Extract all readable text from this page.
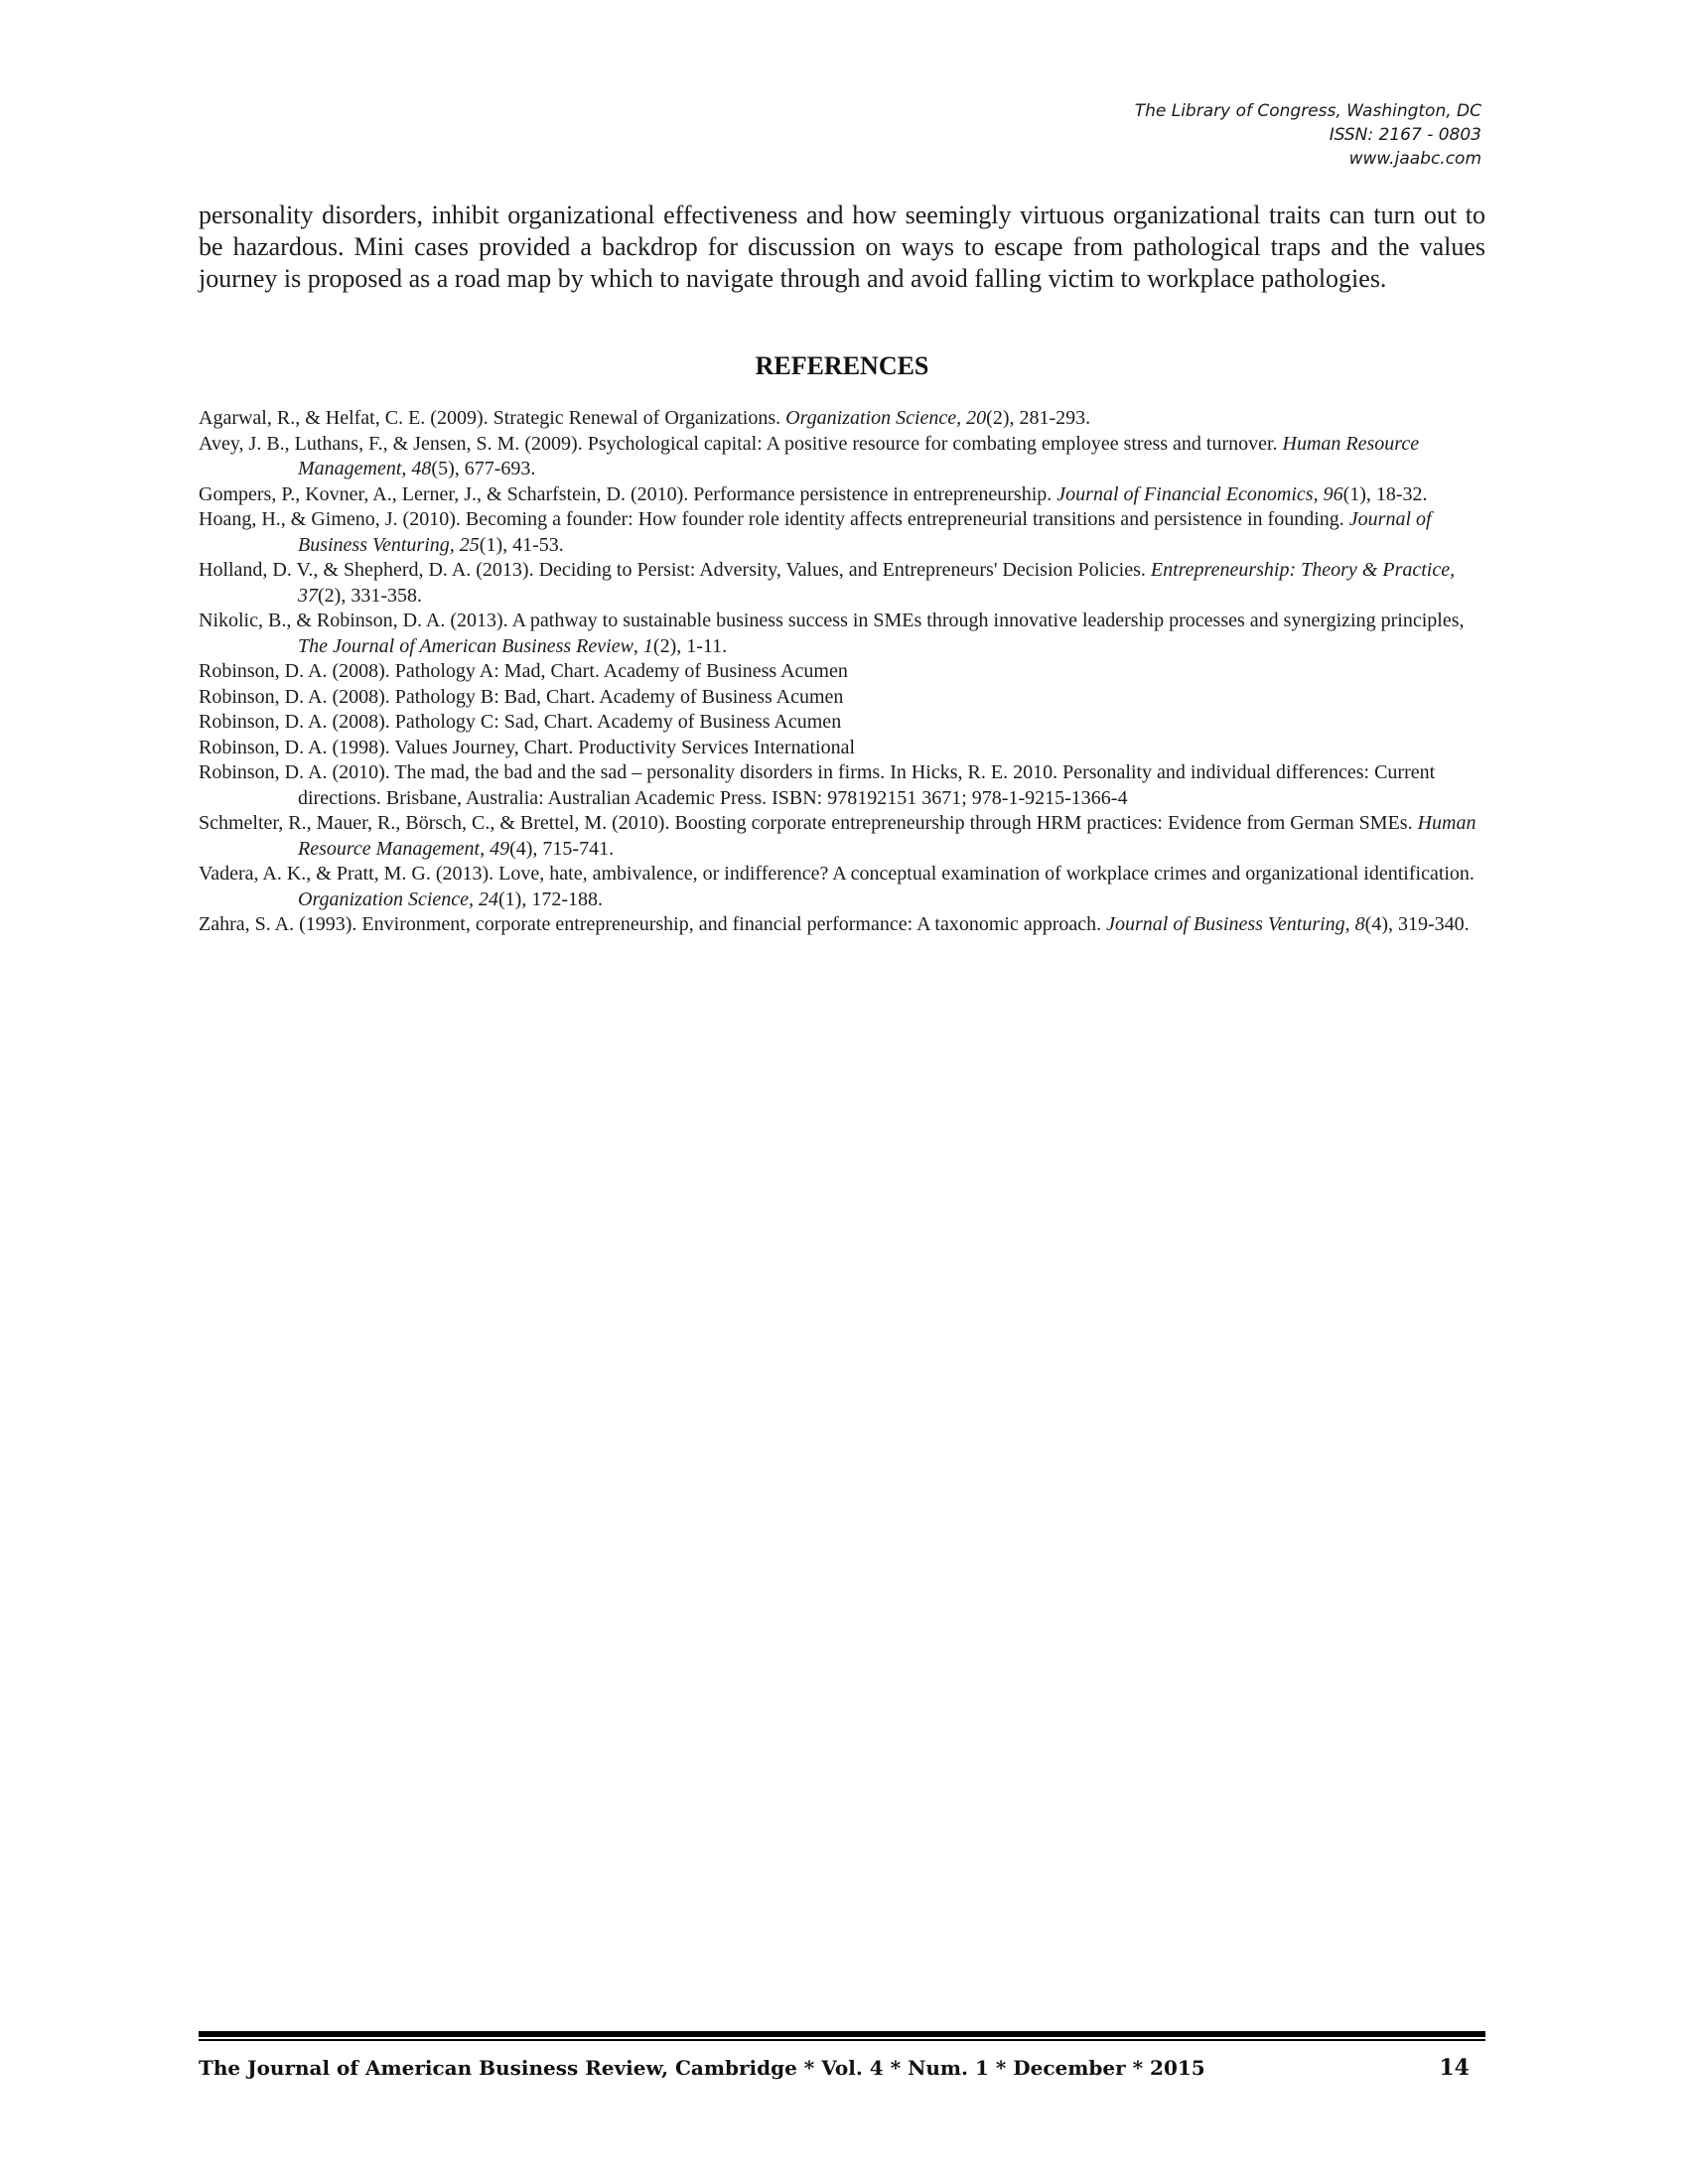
The Library of Congress, Washington, DC
ISSN: 2167 - 0803
www.jaabc.com

personality disorders, inhibit organizational effectiveness and how seemingly virtuous organizational traits can turn out to be hazardous. Mini cases provided a backdrop for discussion on ways to escape from pathological traps and the values journey is proposed as a road map by which to navigate through and avoid falling victim to workplace pathologies.

REFERENCES
Agarwal, R., & Helfat, C. E. (2009). Strategic Renewal of Organizations. Organization Science, 20(2), 281-293.
Avey, J. B., Luthans, F., & Jensen, S. M. (2009). Psychological capital: A positive resource for combating employee stress and turnover. Human Resource Management, 48(5), 677-693.
Gompers, P., Kovner, A., Lerner, J., & Scharfstein, D. (2010). Performance persistence in entrepreneurship. Journal of Financial Economics, 96(1), 18-32.
Hoang, H., & Gimeno, J. (2010). Becoming a founder: How founder role identity affects entrepreneurial transitions and persistence in founding. Journal of Business Venturing, 25(1), 41-53.
Holland, D. V., & Shepherd, D. A. (2013). Deciding to Persist: Adversity, Values, and Entrepreneurs' Decision Policies. Entrepreneurship: Theory & Practice, 37(2), 331-358.
Nikolic, B., & Robinson, D. A. (2013). A pathway to sustainable business success in SMEs through innovative leadership processes and synergizing principles, The Journal of American Business Review, 1(2), 1-11.
Robinson, D. A. (2008). Pathology A: Mad, Chart. Academy of Business Acumen
Robinson, D. A. (2008). Pathology B: Bad, Chart. Academy of Business Acumen
Robinson, D. A. (2008). Pathology C: Sad, Chart. Academy of Business Acumen
Robinson, D. A. (1998). Values Journey, Chart. Productivity Services International
Robinson, D. A. (2010). The mad, the bad and the sad – personality disorders in firms. In Hicks, R. E. 2010. Personality and individual differences: Current directions. Brisbane, Australia: Australian Academic Press. ISBN: 978192151 3671; 978-1-9215-1366-4
Schmelter, R., Mauer, R., Börsch, C., & Brettel, M. (2010). Boosting corporate entrepreneurship through HRM practices: Evidence from German SMEs. Human Resource Management, 49(4), 715-741.
Vadera, A. K., & Pratt, M. G. (2013). Love, hate, ambivalence, or indifference? A conceptual examination of workplace crimes and organizational identification. Organization Science, 24(1), 172-188.
Zahra, S. A. (1993). Environment, corporate entrepreneurship, and financial performance: A taxonomic approach. Journal of Business Venturing, 8(4), 319-340.
The Journal of American Business Review, Cambridge * Vol. 4 * Num. 1 * December * 2015	14
